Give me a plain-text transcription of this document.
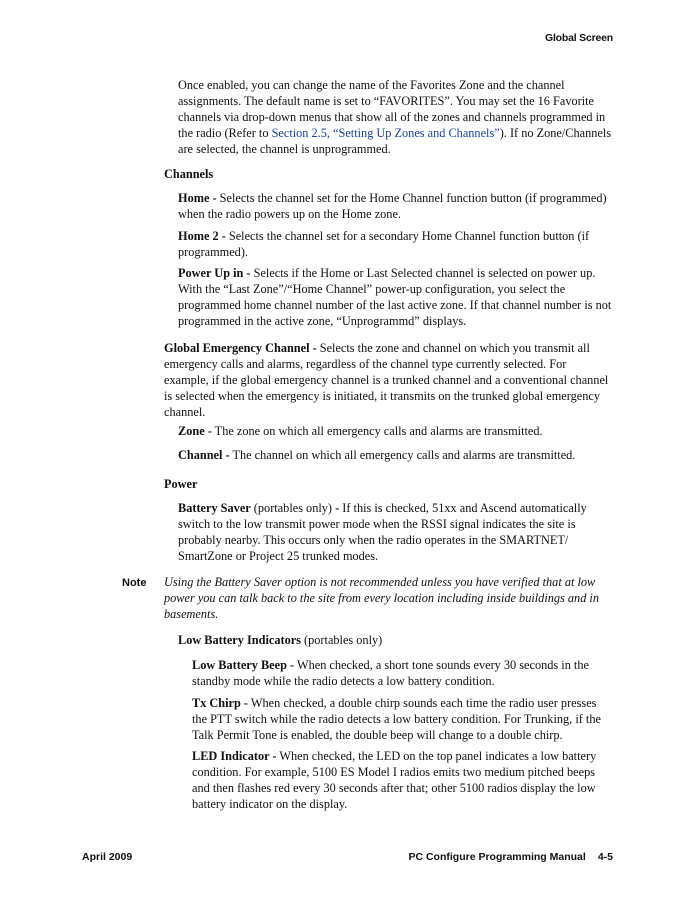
Global Screen

Once enabled, you can change the name of the Favorites Zone and the channel assignments. The default name is set to “FAVORITES”. You may set the 16 Favorite channels via drop-down menus that show all of the zones and channels programmed in the radio (Refer to Section 2.5, “Setting Up Zones and Channels”). If no Zone/Channels are selected, the channel is unprogrammed.

Channels

Home - Selects the channel set for the Home Channel function button (if programmed) when the radio powers up on the Home zone.

Home 2 - Selects the channel set for a secondary Home Channel function button (if programmed).

Power Up in - Selects if the Home or Last Selected channel is selected on power up. With the “Last Zone”/“Home Channel” power-up configuration, you select the programmed home channel number of the last active zone. If that channel number is not programmed in the active zone, “Unprogrammd” displays.

Global Emergency Channel - Selects the zone and channel on which you transmit all emergency calls and alarms, regardless of the channel type currently selected. For example, if the global emergency channel is a trunked channel and a conventional channel is selected when the emergency is initiated, it transmits on the trunked global emergency channel.

Zone - The zone on which all emergency calls and alarms are transmitted.

Channel - The channel on which all emergency calls and alarms are transmitted.

Power

Battery Saver (portables only) - If this is checked, 51xx and Ascend automatically switch to the low transmit power mode when the RSSI signal indicates the site is probably nearby. This occurs only when the radio operates in the SMARTNET/ SmartZone or Project 25 trunked modes.

Note Using the Battery Saver option is not recommended unless you have verified that at low power you can talk back to the site from every location including inside buildings and in basements.

Low Battery Indicators (portables only)

Low Battery Beep - When checked, a short tone sounds every 30 seconds in the standby mode while the radio detects a low battery condition.

Tx Chirp - When checked, a double chirp sounds each time the radio user presses the PTT switch while the radio detects a low battery condition. For Trunking, if the Talk Permit Tone is enabled, the double beep will change to a double chirp.

LED Indicator - When checked, the LED on the top panel indicates a low battery condition. For example, 5100 ES Model I radios emits two medium pitched beeps and then flashes red every 30 seconds after that; other 5100 radios display the low battery indicator on the display.

April 2009	PC Configure Programming Manual 4-5
